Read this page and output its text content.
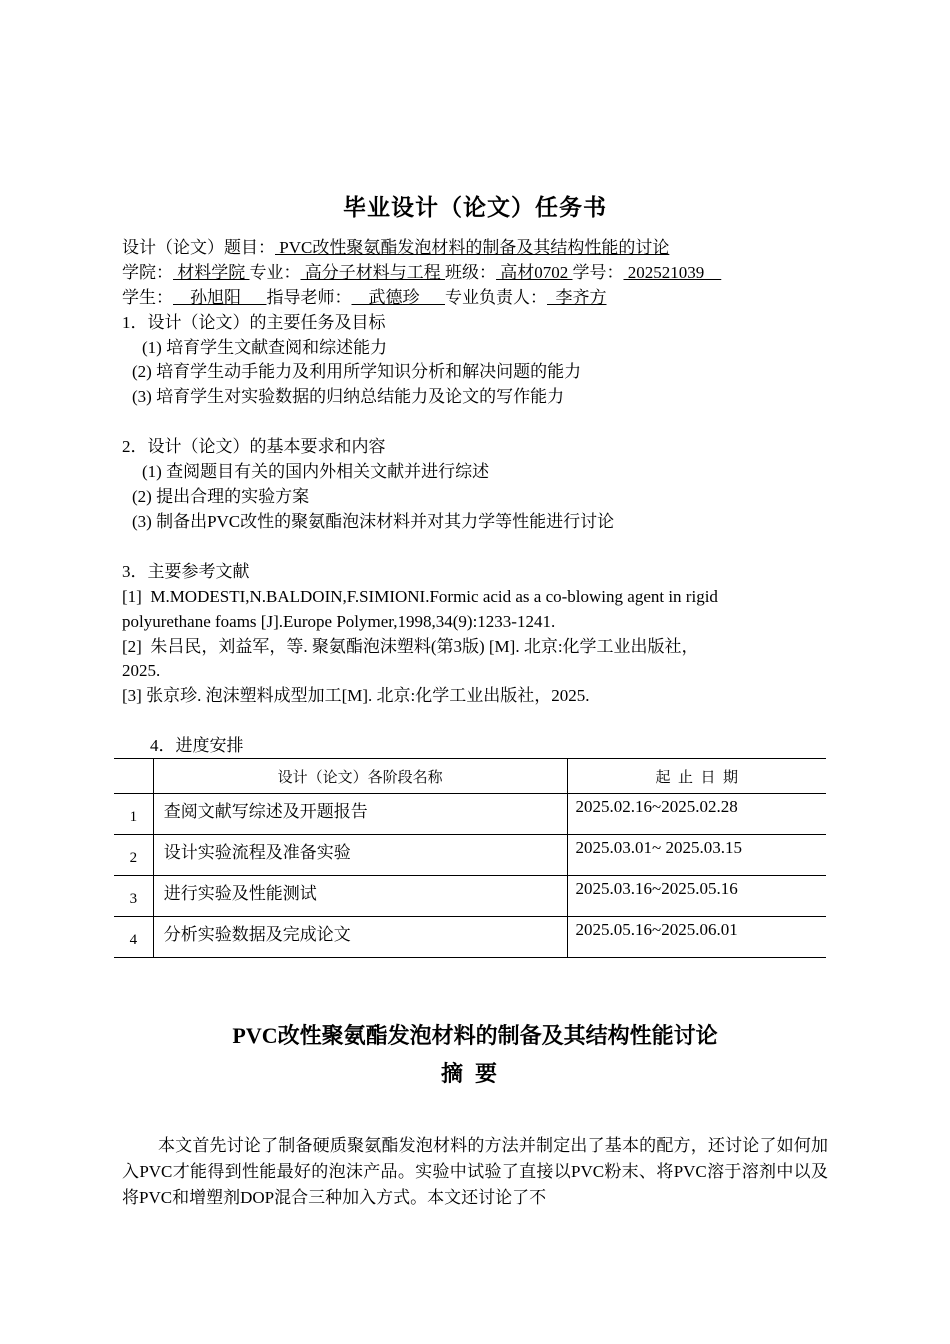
毕业设计（论文）任务书
设计（论文）题目： PVC改性聚氨酯发泡材料的制备及其结构性能的讨论
学院： 材料学院 专业： 高分子材料与工程 班级： 高材0702 学号： 202521039
学生：    孙旭阳      指导老师：    武德珍      专业负责人：  李齐方
1．设计（论文）的主要任务及目标
(1) 培育学生文献查阅和综述能力
(2) 培育学生动手能力及利用所学知识分析和解决问题的能力
(3) 培育学生对实验数据的归纳总结能力及论文的写作能力
2．设计（论文）的基本要求和内容
(1) 查阅题目有关的国内外相关文献并进行综述
(2) 提出合理的实验方案
(3) 制备出PVC改性的聚氨酯泡沫材料并对其力学等性能进行讨论
3．主要参考文献
[1]  M.MODESTI,N.BALDOIN,F.SIMIONI.Formic acid as a co-blowing agent in rigid
polyurethane foams [J].Europe Polymer,1998,34(9):1233-1241.
[2]  朱吕民，刘益军，等. 聚氨酯泡沫塑料(第3版) [M]. 北京:化学工业出版社，
2025.
[3] 张京珍. 泡沫塑料成型加工[M]. 北京:化学工业出版社，2025.
4．进度安排
	设计（论文）各阶段名称	起  止  日  期
1	查阅文献写综述及开题报告	2025.02.16~2025.02.28
2	设计实验流程及准备实验	2025.03.01~ 2025.03.15
3	进行实验及性能测试	2025.03.16~2025.05.16
4	分析实验数据及完成论文	2025.05.16~2025.06.01
PVC改性聚氨酯发泡材料的制备及其结构性能讨论
摘要
本文首先讨论了制备硬质聚氨酯发泡材料的方法并制定出了基本的配方，还讨论了如何加入PVC才能得到性能最好的泡沫产品。实验中试验了直接以PVC粉末、将PVC溶于溶剂中以及将PVC和增塑剂DOP混合三种加入方式。本文还讨论了不
